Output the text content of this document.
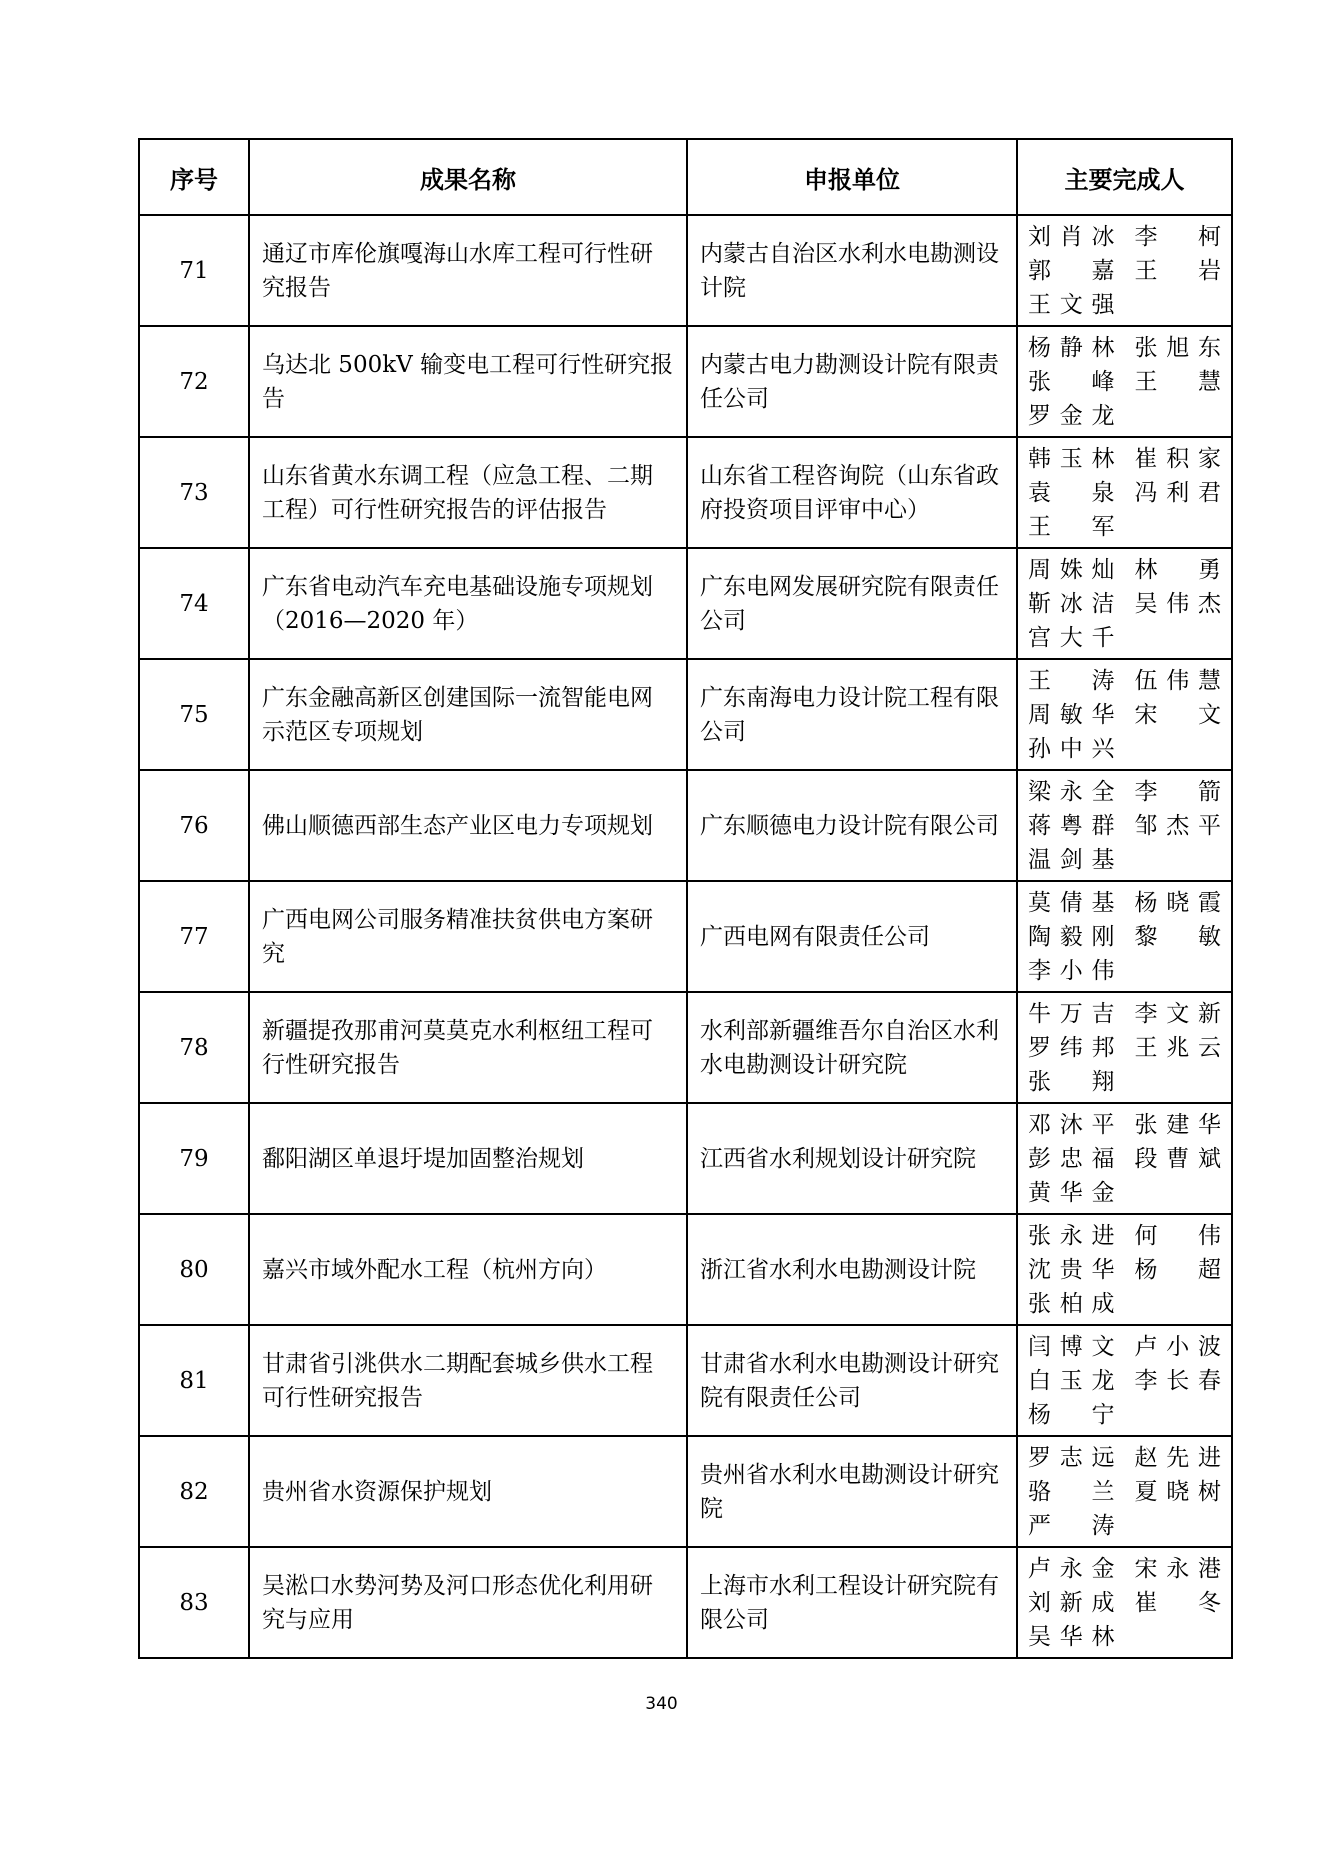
序号	成果名称	申报单位	主要完成人
71	通辽市库伦旗嘎海山水库工程可行性研究报告	内蒙古自治区水利水电勘测设计院	刘肖冰 李 柯
郭 嘉 王 岩
王文强

72	乌达北 500kV 输变电工程可行性研究报告	内蒙古电力勘测设计院有限责任公司	杨静林 张旭东
张 峰 王 慧
罗金龙

73	山东省黄水东调工程（应急工程、二期工程）可行性研究报告的评估报告	山东省工程咨询院（山东省政府投资项目评审中心）	韩玉林 崔积家
袁 泉 冯利君
王 军

74	广东省电动汽车充电基础设施专项规划（2016—2020 年）	广东电网发展研究院有限责任公司	周姝灿 林 勇
靳冰洁 吴伟杰
宫大千

75	广东金融高新区创建国际一流智能电网示范区专项规划	广东南海电力设计院工程有限公司	王 涛 伍伟慧
周敏华 宋 文
孙中兴

76	佛山顺德西部生态产业区电力专项规划	广东顺德电力设计院有限公司	梁永全 李 箭
蒋粤群 邹杰平
温剑基

77	广西电网公司服务精准扶贫供电方案研究	广西电网有限责任公司	莫倩基 杨晓霞
陶毅刚 黎 敏
李小伟

78	新疆提孜那甫河莫莫克水利枢纽工程可行性研究报告	水利部新疆维吾尔自治区水利水电勘测设计研究院	牛万吉 李文新
罗纬邦 王兆云
张 翔

79	鄱阳湖区单退圩堤加固整治规划	江西省水利规划设计研究院	邓沐平 张建华
彭忠福 段曹斌
黄华金

80	嘉兴市域外配水工程（杭州方向）	浙江省水利水电勘测设计院	张永进 何 伟
沈贵华 杨 超
张柏成

81	甘肃省引洮供水二期配套城乡供水工程可行性研究报告	甘肃省水利水电勘测设计研究院有限责任公司	闫博文 卢小波
白玉龙 李长春
杨 宁

82	贵州省水资源保护规划	贵州省水利水电勘测设计研究院	罗志远 赵先进
骆 兰 夏晓树
严 涛

83	吴淞口水势河势及河口形态优化利用研究与应用	上海市水利工程设计研究院有限公司	卢永金 宋永港
刘新成 崔 冬
吴华林
340
